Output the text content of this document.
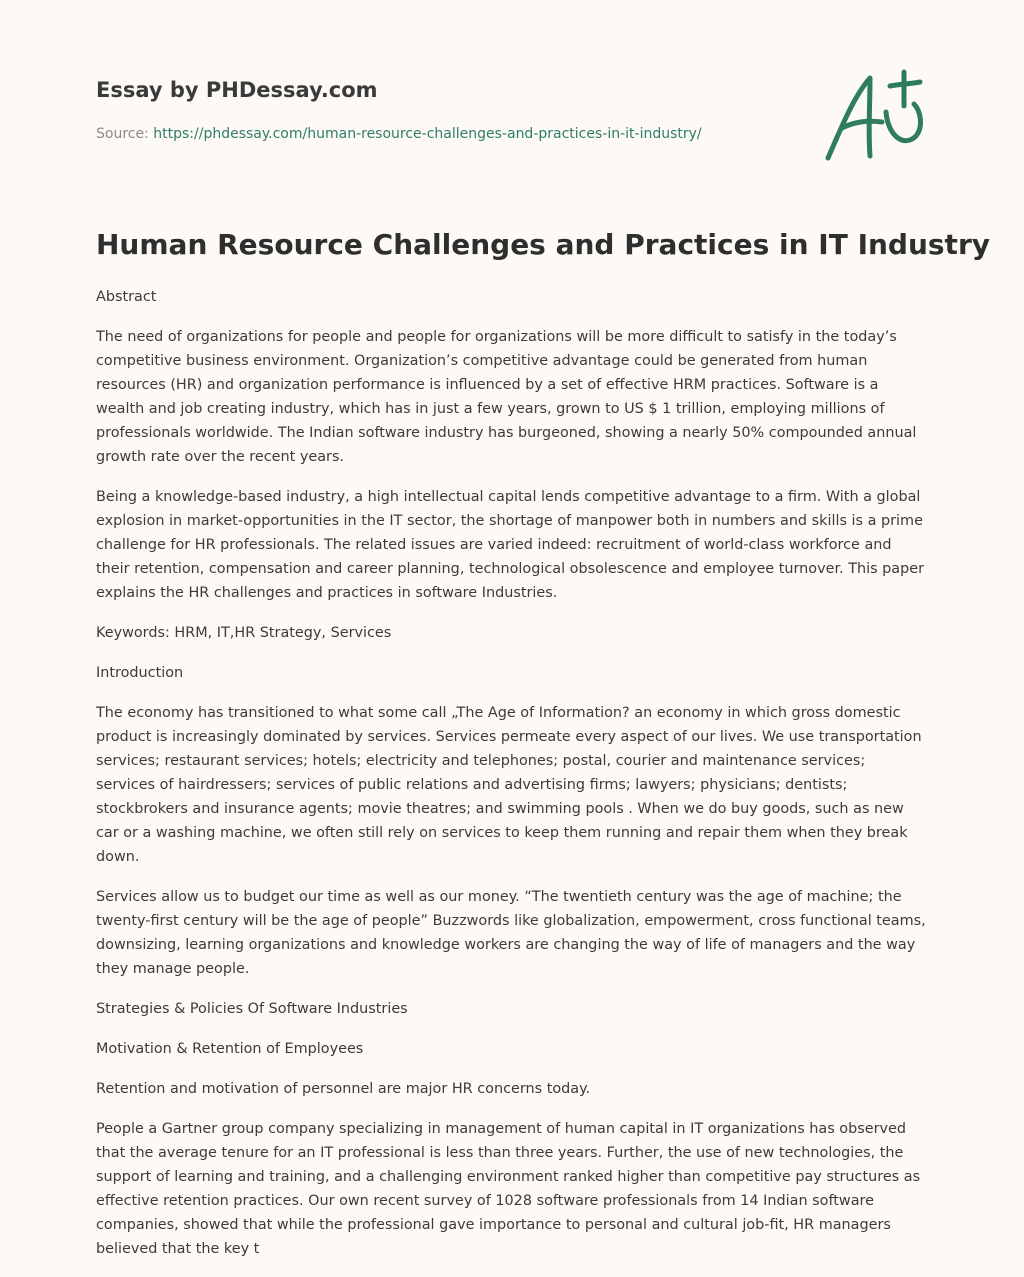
Essay by PHDessay.com
Source: https://phdessay.com/human-resource-challenges-and-practices-in-it-industry/
Human Resource Challenges and Practices in IT Industry

Abstract

The need of organizations for people and people for organizations will be more difficult to satisfy in the today’s competitive business environment. Organization’s competitive advantage could be generated from human resources (HR) and organization performance is influenced by a set of effective HRM practices. Software is a wealth and job creating industry, which has in just a few years, grown to US $ 1 trillion, employing millions of professionals worldwide. The Indian software industry has burgeoned, showing a nearly 50% compounded annual growth rate over the recent years.

Being a knowledge-based industry, a high intellectual capital lends competitive advantage to a firm. With a global explosion in market-opportunities in the IT sector, the shortage of manpower both in numbers and skills is a prime challenge for HR professionals. The related issues are varied indeed: recruitment of world-class workforce and their retention, compensation and career planning, technological obsolescence and employee turnover. This paper explains the HR challenges and practices in software Industries.

Keywords: HRM, IT,HR Strategy, Services

Introduction

The economy has transitioned to what some call „The Age of Information? an economy in which gross domestic product is increasingly dominated by services. Services permeate every aspect of our lives. We use transportation services; restaurant services; hotels; electricity and telephones; postal, courier and maintenance services; services of hairdressers; services of public relations and advertising firms; lawyers; physicians; dentists; stockbrokers and insurance agents; movie theatres; and swimming pools . When we do buy goods, such as new car or a washing machine, we often still rely on services to keep them running and repair them when they break down.

Services allow us to budget our time as well as our money. “The twentieth century was the age of machine; the twenty-first century will be the age of people” Buzzwords like globalization, empowerment, cross functional teams, downsizing, learning organizations and knowledge workers are changing the way of life of managers and the way they manage people.

Strategies & Policies Of Software Industries

Motivation & Retention of Employees

Retention and motivation of personnel are major HR concerns today.

People a Gartner group company specializing in management of human capital in IT organizations has observed that the average tenure for an IT professional is less than three years. Further, the use of new technologies, the support of learning and training, and a challenging environment ranked higher than competitive pay structures as effective retention practices. Our own recent survey of 1028 software professionals from 14 Indian software companies, showed that while the professional gave importance to personal and cultural job-fit, HR managers believed that the key t
